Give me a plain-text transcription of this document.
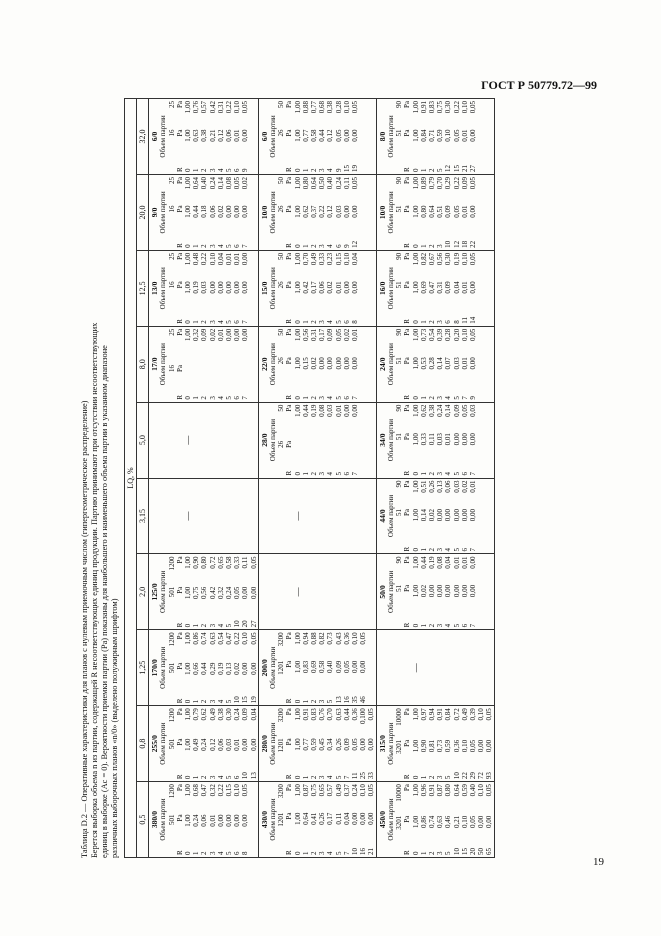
ГОСТ Р 50779.72—99

Таблица D.2 — Оперативные характеристики для планов с нулевым приемочным числом (гипергеометрическое распределение) Берется выборка объема n из партии, содержащей R несоответствующих единиц продукции. Партию принимают при отсутствии несоответствующих единиц в выборке (Ac = 0). Вероятности приемки партии (Pa) показаны для наибольшего и наименьшего объема партии в указанном диапазоне различных выборочных планов «n/0» (выделено полужирным шрифтом)

LQ, %
0,5	0,8	1,25	2,0	3,15	5,0	8,0	12,5	20,0	32,0

380/0 Объем партии
	501	1200
R	Pa	Pa
0	1,00	1,00
1	0,24	0,68
2	0,06	0,47
3	0,01	0,32
4	0,00	0,22
5	0,00	0,15
6	0,00	0,10
8	0,00	0,05

255/0 Объем партии
	501	1200
R	Pa	Pa
0	1,00	1,00
1	0,49	0,79
2	0,24	0,62
3	0,12	0,49
4	0,06	0,38
5	0,03	0,30
6	0,01	0,24
10	0,00	0,09
13	0,00	0,04

170/0 Объем партии
	501	1200
R	Pa	Pa
0	1,00	1,00
1	0,66	0,86
2	0,44	0,74
3	0,29	0,63
4	0,19	0,54
5	0,13	0,47
10	0,02	0,22
15	0,00	0,10
19	0,00	0,05

125/0 Объем партии
	501	1200
R	Pa	Pa
0	1,00	1,00
1	0,75	0,90
2	0,56	0,80
3	0,42	0,72
4	0,32	0,65
5	0,24	0,58
10	0,05	0,33
20	0,00	0,11
27	0,00	0,05

—

—

17/0 Объем партии
	16	25
R	Pa	Pa
0		1,00
1		0,32
2		0,09
3		0,02
4		0,01
5		0,00
6		0,00
7		0,00

13/0 Объем партии
	16	25
R	Pa	Pa
0	1,00	1,00
1	0,19	0,48
2	0,03	0,22
3	0,00	0,10
4	0,00	0,04
5	0,00	0,01
6	0,00	0,01
7	0,00	0,00

9/0 Объем партии
	16	25
R	Pa	Pa
0	1,00	1,00
1	0,44	0,64
2	0,18	0,40
3	0,06	0,24
4	0,02	0,14
5	0,00	0,08
6	0,00	0,05
7	0,00	0,02

6/0 Объем партии
	16	25
R	Pa	Pa
0	1,00	1,00
1	0,63	0,76
2	0,38	0,57
3	0,21	0,42
4	0,12	0,31
5	0,06	0,22
6	0,01	0,10
9	0,00	0,05

430/0 Объем партии
	1201	3200
R	Pa	Pa
0	1,00	1,00
1	0,64	0,87
2	0,41	0,75
3	0,26	0,65
4	0,17	0,57
5	0,11	0,49
7	0,04	0,37
10	0,00	0,24
16	0,00	0,10
21	0,00	0,05

280/0 Объем партии
	1201	3200
R	Pa	Pa
0	1,00	1,00
1	0,77	0,91
2	0,59	0,83
3	0,45	0,76
4	0,34	0,70
5	0,26	0,63
7	0,09	0,44
11	0,05	0,36
25	0,00	0,100
33	0,00	0,05

200/0 Объем партии
	1201	3200
R	Pa	Pa
0	1,00	1,00
1	0,83	0,94
2	0,69	0,88
3	0,58	0,82
5	0,40	0,73
13	0,09	0,43
16	0,05	0,36
35	0,00	0,10
46	0,00	0,05

—

—

28/0 Объем партии
	26	50
R	Pa	Pa
0		1,00
1		0,44
2		0,19
3		0,08
4		0,03
5		0,01
6		0,00
7		0,00

22/0 Объем партии
	26	50
R	Pa	Pa
0	1,00	1,00
1	0,15	0,56
2	0,02	0,31
3	0,00	0,17
4	0,00	0,09
5	0,00	0,05
6	0,00	0,02
7	0,00	0,01

15/0 Объем партии
	26	50
R	Pa	Pa
0	1,00	1,00
1	0,42	0,70
2	0,17	0,49
3	0,06	0,33
4	0,02	0,23
5	0,01	0,15
6	0,00	0,10
8	0,00	0,04

10/0 Объем партии
	26	50
R	Pa	Pa
0	1,00	1,00
1	0,62	0,80
2	0,37	0,64
3	0,22	0,50
4	0,12	0,40
6	0,03	0,24
9	0,00	0,11
12	0,00	0,05

6/0 Объем партии
	26	50
R	Pa	Pa
0	1,00	1,00
1	0,77	0,88
2	0,58	0,77
3	0,44	0,68
4	0,12	0,38
9	0,05	0,28
15	0,00	0,10
19	0,00	0,05

450/0 Объем партии
	3201	10000
R	Pa	Pa
0	1,00	1,00
1	0,86	0,96
2	0,74	0,91
3	0,63	0,87
5	0,46	0,80
10	0,21	0,64
15	0,10	0,59
20	0,05	0,40
50	0,00	0,10
65	0,00	0,05

315/0 Объем партии
	3201	10000
R	Pa	Pa
0	1,00	1,00
1	0,90	0,97
2	0,81	0,94
3	0,73	0,91
5	0,59	0,84
10	0,36	0,72
22	0,10	0,49
29	0,05	0,39
72	0,00	0,10
93	0,00	0,05

—

50/0 Объем партии
	51	90
R	Pa	Pa
0	1,00	1,00
1	0,02	0,44
2	0,00	0,19
3	0,00	0,08
4	0,00	0,04
5	0,00	0,01
6	0,00	0,01
7	0,00	0,00

44/0 Объем партии
	51	90
R	Pa	Pa
0	1,00	1,00
1	0,14	0,51
2	0,02	0,26
3	0,00	0,13
4	0,00	0,06
5	0,00	0,03
6	0,00	0,02
7	0,00	0,01

34/0 Объем партии
	51	90
R	Pa	Pa
0	1,00	1,00
1	0,33	0,62
2	0,11	0,38
3	0,03	0,24
4	0,01	0,14
5	0,00	0,09
6	0,00	0,05
7	0,00	0,03

24/0 Объем партии
	51	90
R	Pa	Pa
0	1,00	1,00
1	0,53	0,73
2	0,28	0,54
3	0,14	0,39
4	0,07	0,28
5	0,03	0,20
7	0,01	0,10
9	0,00	0,05

16/0 Объем партии
	51	90
R	Pa	Pa
0	1,00	1,00
1	0,69	0,82
2	0,47	0,67
3	0,31	0,56
6	0,09	0,30
8	0,04	0,19
11	0,01	0,10
14	0,00	0,05

10/0 Объем партии
	51	90
R	Pa	Pa
0	1,00	1,00
1	0,80	0,89
2	0,64	0,79
3	0,51	0,70
10	0,09	0,29
12	0,05	0,22
18	0,01	0,09
22	0,00	0,05

8/0 Объем партии
	51	90
R	Pa	Pa
0	1,00	1,00
1	0,84	0,91
2	0,71	0,83
5	0,59	0,75
12	0,10	0,30
15	0,05	0,22
21	0,01	0,10
27	0,00	0,05
19
